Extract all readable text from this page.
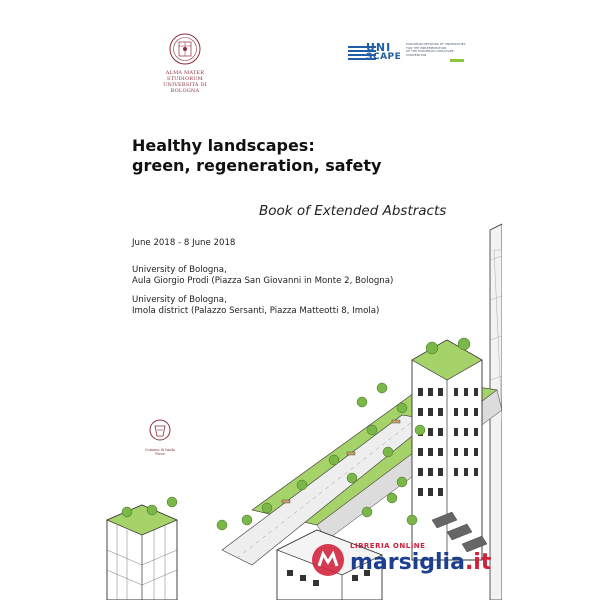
ALMA MATER STUDIORUM
UNIVERSITÀ DI BOLOGNA
UNI
SCAPE
EUROPEAN NETWORK OF UNIVERSITIES
FOR THE IMPLEMENTATION
OF THE EUROPEAN LANDSCAPE
CONVENTION
Healthy landscapes:
green, regeneration, safety
Book of Extended Abstracts
June 2018 - 8 June 2018
University of Bologna,
Aula Giorgio Prodi (Piazza San Giovanni in Monte 2, Bologna)
University of Bologna,
Imola district (Palazzo Sersanti, Piazza Matteotti 8, Imola)
Comune di Imola Pieve
LIBRERIA ONLINE
marsiglia.it
